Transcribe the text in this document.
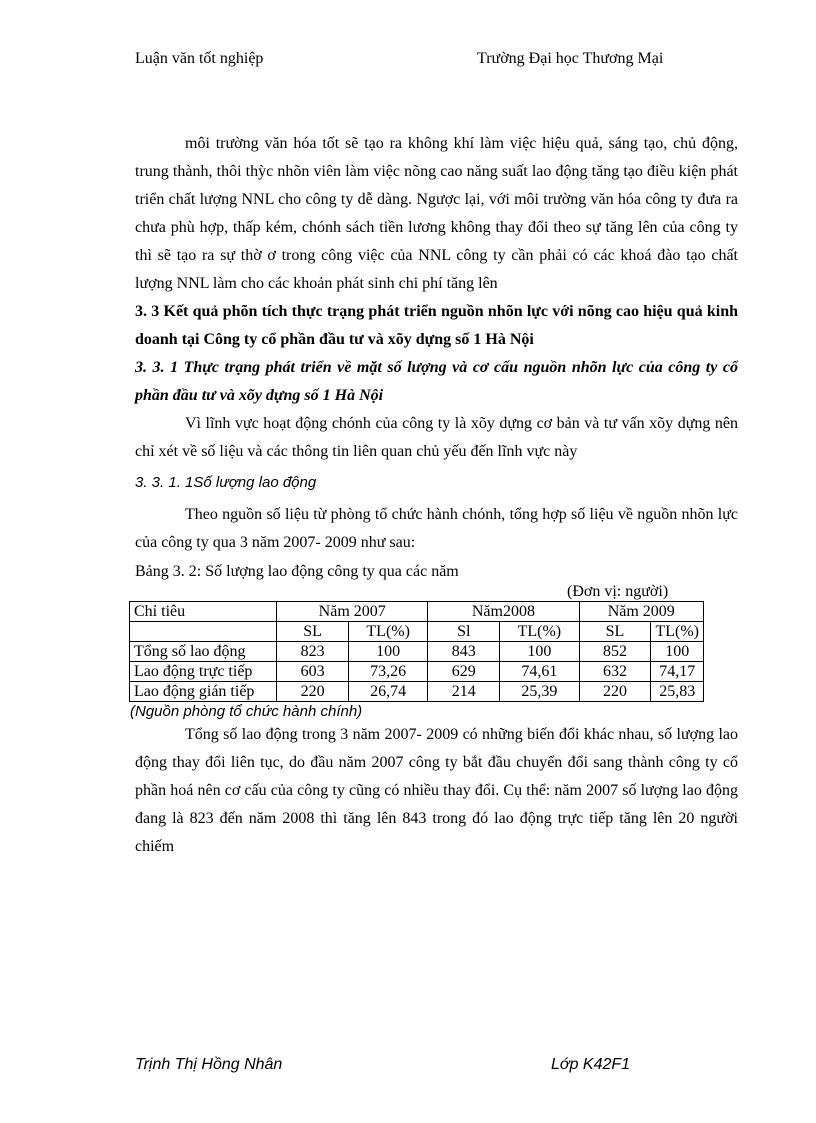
Luận văn tốt nghiệp	Trường Đại học Thương Mại

môi trường văn hóa tốt sẽ tạo ra không khí làm việc hiệu quả, sáng tạo, chủ động, trung thành, thôi thỳc nhõn viên làm việc nõng cao năng suất lao động tăng tạo điều kiện phát triển chất lượng NNL cho công ty dễ dàng. Ngược lại, với môi trường văn hóa công ty đưa ra chưa phù hợp, thấp kém, chónh sách tiền lương không thay đổi theo sự tăng lên của công ty thì sẽ tạo ra sự thờ ơ trong công việc của NNL công ty cần phải có các khoá đào tạo chất lượng NNL làm cho các khoản phát sinh chi phí tăng lên

3. 3 Kết quả phõn tích thực trạng phát triển nguồn nhõn lực với nõng cao hiệu quả kinh doanh tại Công ty cổ phần đầu tư và xõy dựng số 1 Hà Nội

3. 3. 1 Thực trạng phát triển về mặt số lượng và cơ cấu nguồn nhõn lực của công ty cổ phần đầu tư và xõy dựng số 1 Hà Nội

Vì lĩnh vực hoạt động chónh của công ty là xõy dựng cơ bản và tư vấn xõy dựng nên chỉ xét về số liệu và các thông tin liên quan chủ yếu đến lĩnh vực này

3. 3. 1. 1Số lượng lao động

Theo nguồn số liệu từ phòng tổ chức hành chónh, tổng hợp số liệu về nguồn nhõn lực của công ty qua 3 năm 2007- 2009 như sau:

Bảng 3. 2: Số lượng lao động công ty qua các năm
(Đơn vị: người)
Chỉ tiêu	Năm 2007		Năm2008		Năm 2009	
	SL	TL(%)	Sl	TL(%)	SL	TL(%)
Tổng số lao động	823	100	843	100	852	100
Lao động trực tiếp	603	73,26	629	74,61	632	74,17
Lao động gián tiếp	220	26,74	214	25,39	220	25,83
(Nguồn phòng tổ chức hành chính)

Tổng số lao động trong 3 năm 2007- 2009 có những biến đổi khác nhau, số lượng lao động thay đổi liên tục, do đầu năm 2007 công ty bắt đầu chuyển đổi sang thành công ty cổ phần hoá nên cơ cấu của công ty cũng có nhiều thay đổi. Cụ thể: năm 2007 số lượng lao động đang là 823 đến năm 2008 thì tăng lên 843 trong đó lao động trực tiếp tăng lên 20 người chiếm

Trịnh Thị Hồng Nhân	Lớp K42F1
